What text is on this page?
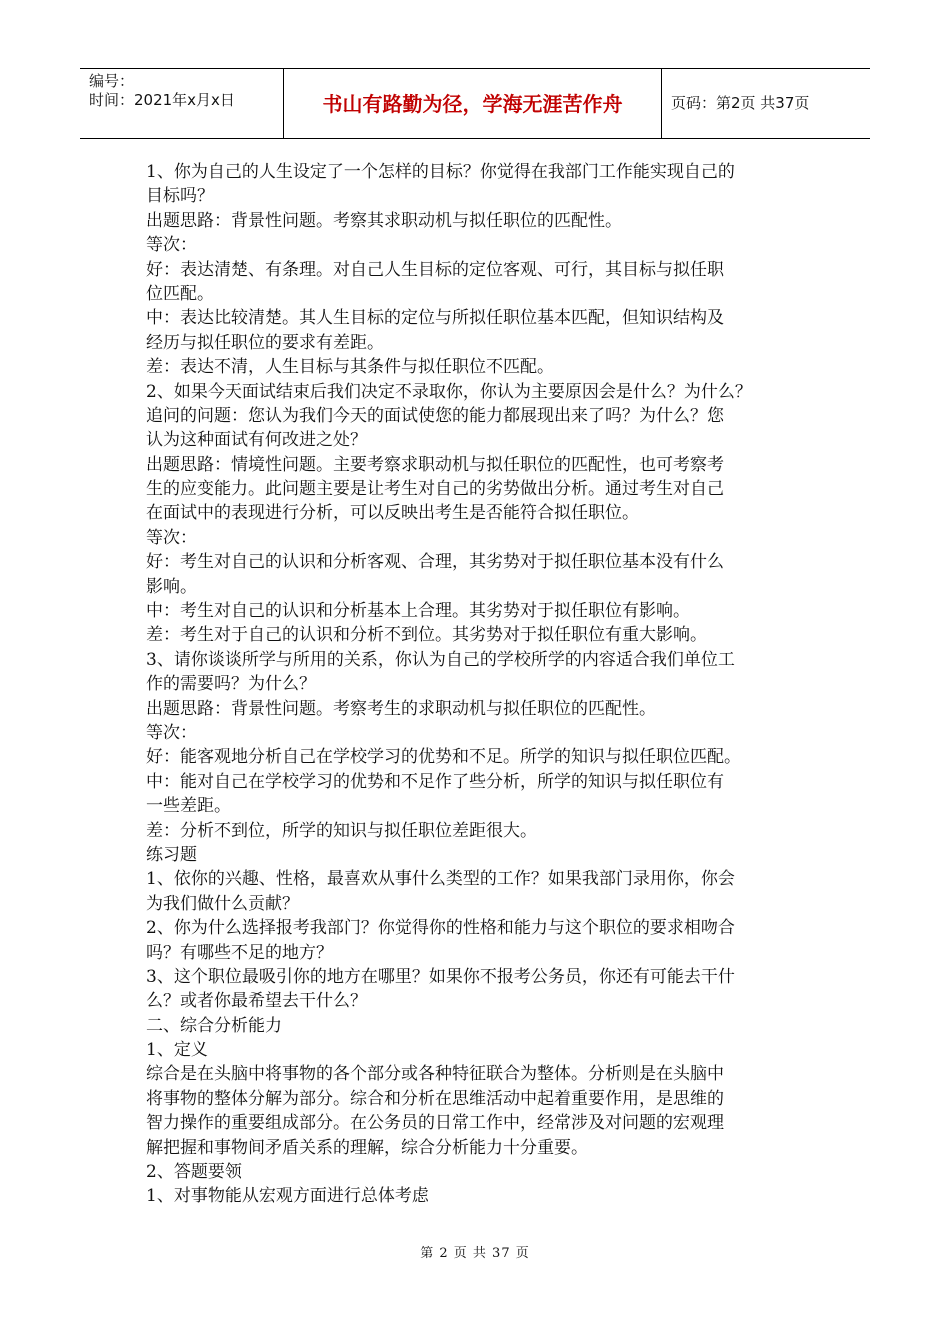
编号：
时间：2021年x月x日	书山有路勤为径，学海无涯苦作舟	页码：第2页 共37页
1、你为自己的人生设定了一个怎样的目标？你觉得在我部门工作能实现自己的
目标吗？
出题思路：背景性问题。考察其求职动机与拟任职位的匹配性。
等次：
好：表达清楚、有条理。对自己人生目标的定位客观、可行，其目标与拟任职
位匹配。
中：表达比较清楚。其人生目标的定位与所拟任职位基本匹配，但知识结构及
经历与拟任职位的要求有差距。
差：表达不清，人生目标与其条件与拟任职位不匹配。
2、如果今天面试结束后我们决定不录取你，你认为主要原因会是什么？为什么？
追问的问题：您认为我们今天的面试使您的能力都展现出来了吗？为什么？您
认为这种面试有何改进之处？
出题思路：情境性问题。主要考察求职动机与拟任职位的匹配性，也可考察考
生的应变能力。此问题主要是让考生对自己的劣势做出分析。通过考生对自己
在面试中的表现进行分析，可以反映出考生是否能符合拟任职位。
等次：
好：考生对自己的认识和分析客观、合理，其劣势对于拟任职位基本没有什么
影响。
中：考生对自己的认识和分析基本上合理。其劣势对于拟任职位有影响。
差：考生对于自己的认识和分析不到位。其劣势对于拟任职位有重大影响。
3、请你谈谈所学与所用的关系，你认为自己的学校所学的内容适合我们单位工
作的需要吗？为什么？
出题思路：背景性问题。考察考生的求职动机与拟任职位的匹配性。
等次：
好：能客观地分析自己在学校学习的优势和不足。所学的知识与拟任职位匹配。
中：能对自己在学校学习的优势和不足作了些分析，所学的知识与拟任职位有
一些差距。
差：分析不到位，所学的知识与拟任职位差距很大。
练习题
1、依你的兴趣、性格，最喜欢从事什么类型的工作？如果我部门录用你，你会
为我们做什么贡献？
2、你为什么选择报考我部门？你觉得你的性格和能力与这个职位的要求相吻合
吗？有哪些不足的地方？
3、这个职位最吸引你的地方在哪里？如果你不报考公务员，你还有可能去干什
么？或者你最希望去干什么？
二、综合分析能力
1、定义
综合是在头脑中将事物的各个部分或各种特征联合为整体。分析则是在头脑中
将事物的整体分解为部分。综合和分析在思维活动中起着重要作用，是思维的
智力操作的重要组成部分。在公务员的日常工作中，经常涉及对问题的宏观理
解把握和事物间矛盾关系的理解，综合分析能力十分重要。
2、答题要领
1、对事物能从宏观方面进行总体考虑
第 2 页 共 37 页
